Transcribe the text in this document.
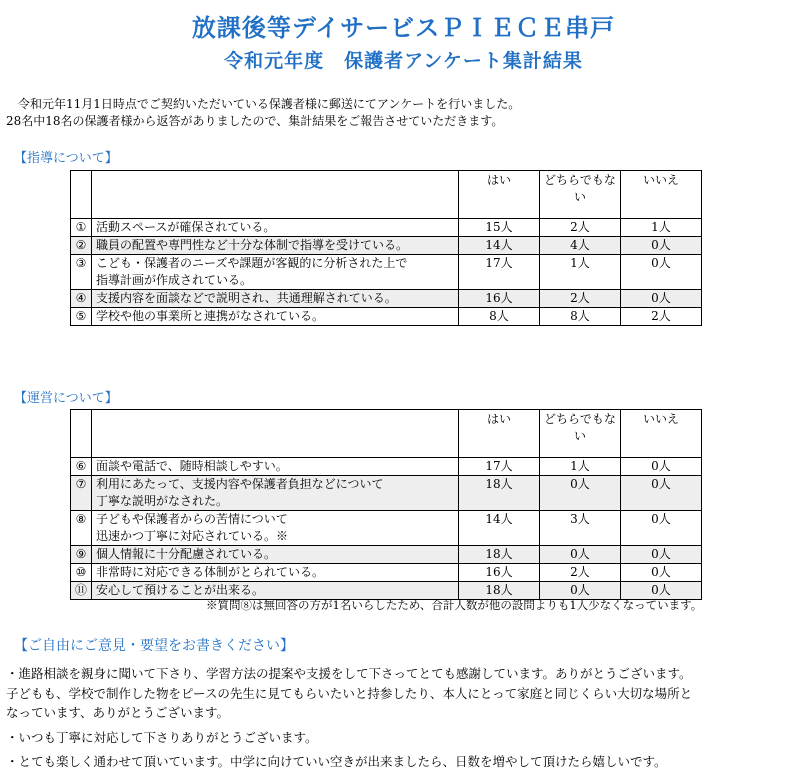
放課後等デイサービスＰＩＥＣＥ串戸
令和元年度　保護者アンケート集計結果
　令和元年11月1日時点でご契約いただいている保護者様に郵送にてアンケートを行いました。
28名中18名の保護者様から返答がありましたので、集計結果をご報告させていただきます。
【指導について】
		はい	どちらでもない	いいえ
①	活動スペースが確保されている。	15人	2人	1人
②	職員の配置や専門性など十分な体制で指導を受けている。	14人	4人	0人
③	こども・保護者のニーズや課題が客観的に分析された上で
指導計画が作成されている。	17人	1人	0人
④	支援内容を面談などで説明され、共通理解されている。	16人	2人	0人
⑤	学校や他の事業所と連携がなされている。	8人	8人	2人
【運営について】
		はい	どちらでもない	いいえ
⑥	面談や電話で、随時相談しやすい。	17人	1人	0人
⑦	利用にあたって、支援内容や保護者負担などについて
丁寧な説明がなされた。	18人	0人	0人
⑧	子どもや保護者からの苦情について
迅速かつ丁寧に対応されている。※	14人	3人	0人
⑨	個人情報に十分配慮されている。	18人	0人	0人
⑩	非常時に対応できる体制がとられている。	16人	2人	0人
⑪	安心して預けることが出来る。	18人	0人	0人
※質問⑧は無回答の方が1名いらしたため、合計人数が他の設問よりも1人少なくなっています。
【ご自由にご意見・要望をお書きください】
・進路相談を親身に聞いて下さり、学習方法の提案や支援をして下さってとても感謝しています。ありがとうございます。
子どもも、学校で制作した物をピースの先生に見てもらいたいと持参したり、本人にとって家庭と同じくらい大切な場所と
なっています、ありがとうございます。
・いつも丁寧に対応して下さりありがとうございます。
・とても楽しく通わせて頂いています。中学に向けていい空きが出来ましたら、日数を増やして頂けたら嬉しいです。
